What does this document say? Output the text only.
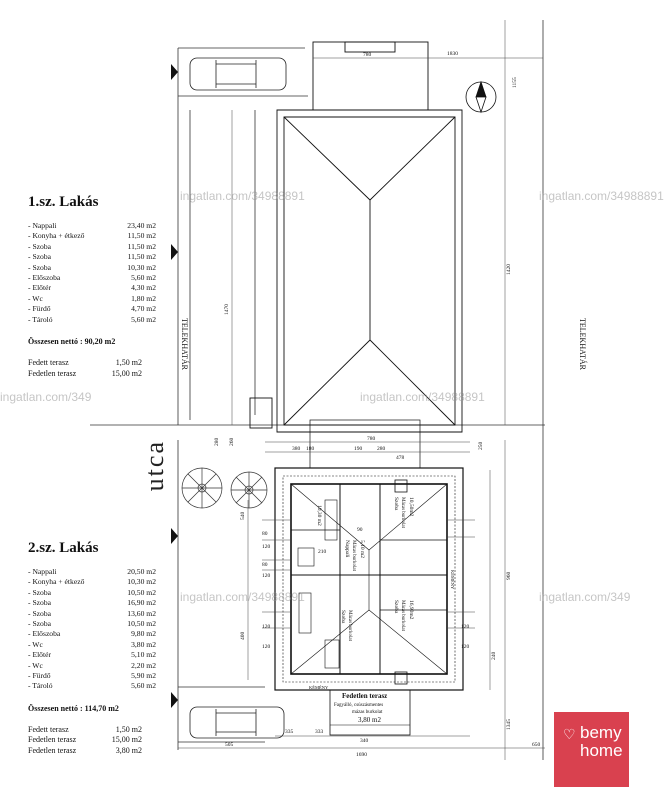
780	1830
1155
1420
1470
280 260	780
380 180	190	280
478
250
80
120
80
120
210
90
120
120
120
120
400
540
240
960
335	333
340
505
1345
650
1690
Szoba Mázas burkolat 10,50m2
Nappali Mázas burkolat 5,10 m2
Szoba Mázas burkolat 16,90m2
Szoba Mázas burkolat
10,30 m2
KÉMÉNY
KÉMÉNY
Fedetlen terasz
Fagyálló, csúszásmentes
mázas burkolat
3,80 m2
ingatlan.com/34988891	ingatlan.com/34988891
ingatlan.com/349	ingatlan.com/34988891
ingatlan.com/34988891	ingatlan.com/349
utca
TELEKHATÁR	TELEKHATÁR
1.sz. Lakás
- Nappali	23,40 m2
- Konyha + étkező	11,50 m2
- Szoba	11,50 m2
- Szoba	11,50 m2
- Szoba	10,30 m2
- Előszoba	5,60 m2
- Előtér	4,30 m2
- Wc	1,80 m2
- Fürdő	4,70 m2
- Tároló	5,60 m2
Összesen nettó : 90,20 m2
Fedett terasz	1,50 m2
Fedetlen terasz	15,00 m2
2.sz. Lakás
- Nappali	20,50 m2
- Konyha + étkező	10,30 m2
- Szoba	10,50 m2
- Szoba	16,90 m2
- Szoba	13,60 m2
- Szoba	10,50 m2
- Előszoba	9,80 m2
- Wc	3,80 m2
- Előtér	5,10 m2
- Wc	2,20 m2
- Fürdő	5,90 m2
- Tároló	5,60 m2
Összesen nettó : 114,70 m2
Fedett terasz	1,50 m2
Fedetlen terasz	15,00 m2
Fedetlen terasz	3,80 m2
♡ bemy
home
